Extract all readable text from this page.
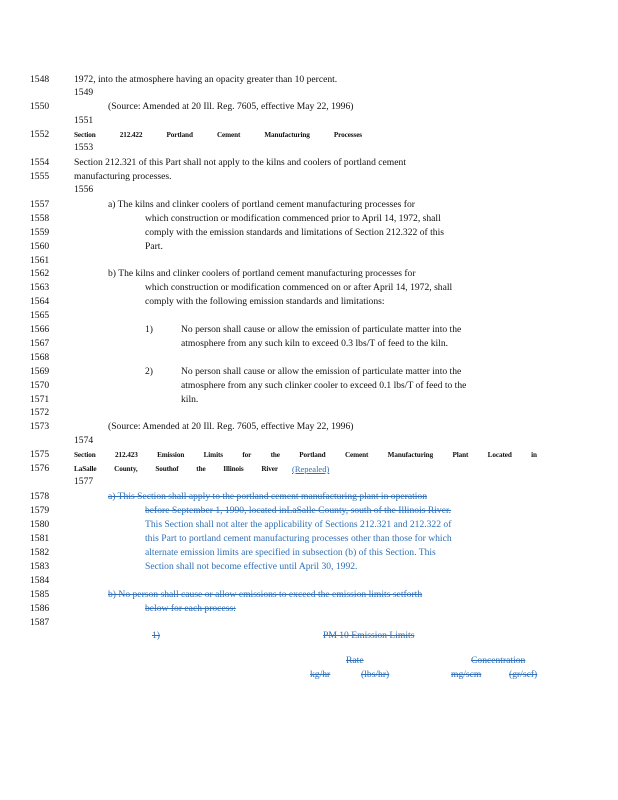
1548	1972, into the atmosphere having an opacity greater than 10 percent.
1549
1550	(Source: Amended at 20 Ill. Reg. 7605, effective May 22, 1996)
1551
1552	Section	212.422	Portland	Cement	Manufacturing	Processes
1553
1554	Section 212.321 of this Part shall not apply to the kilns and coolers of portland cement
1555	manufacturing processes.
1556
1557	a) The kilns and clinker coolers of portland cement manufacturing processes for
1558	which construction or modification commenced prior to April 14, 1972, shall
1559	comply with the emission standards and limitations of Section 212.322 of this
1560	Part.
1561
1562	b) The kilns and clinker coolers of portland cement manufacturing processes for
1563	which construction or modification commenced on or after April 14, 1972, shall
1564	comply with the following emission standards and limitations:
1565
1566	1)	No person shall cause or allow the emission of particulate matter into the
1567	atmosphere from any such kiln to exceed 0.3 lbs/T of feed to the kiln.
1568
1569	2)	No person shall cause or allow the emission of particulate matter into the
1570	atmosphere from any such clinker cooler to exceed 0.1 lbs/T of feed to the
1571	kiln.
1572
1573	(Source: Amended at 20 Ill. Reg. 7605, effective May 22, 1996)
1574
1575	Section	212.423	Emission	Limits	for	the	Portland	Cement	Manufacturing	Plant	Located	in
1576	LaSalle County, Southof the Illinois River (Repealed)
1577
1578	a) This Section shall apply to the portland cement manufacturing plant in operation
1579	before September 1, 1990, located inLaSalle County, south of the Illinois River.
1580	This Section shall not alter the applicability of Sections 212.321 and 212.322 of
1581	this Part to portland cement manufacturing processes other than those for which
1582	alternate emission limits are specified in subsection (b) of this Section. This
1583	Section shall not become effective until April 30, 1992.
1584
1585	b) No person shall cause or allow emissions to exceed the emission limits setforth
1586	below for each process:
1587
1)	PM 10 Emission Limits
Rate	Concentration
kg/hr	(lbs/hr)	mg/scm	(gr/scf)
